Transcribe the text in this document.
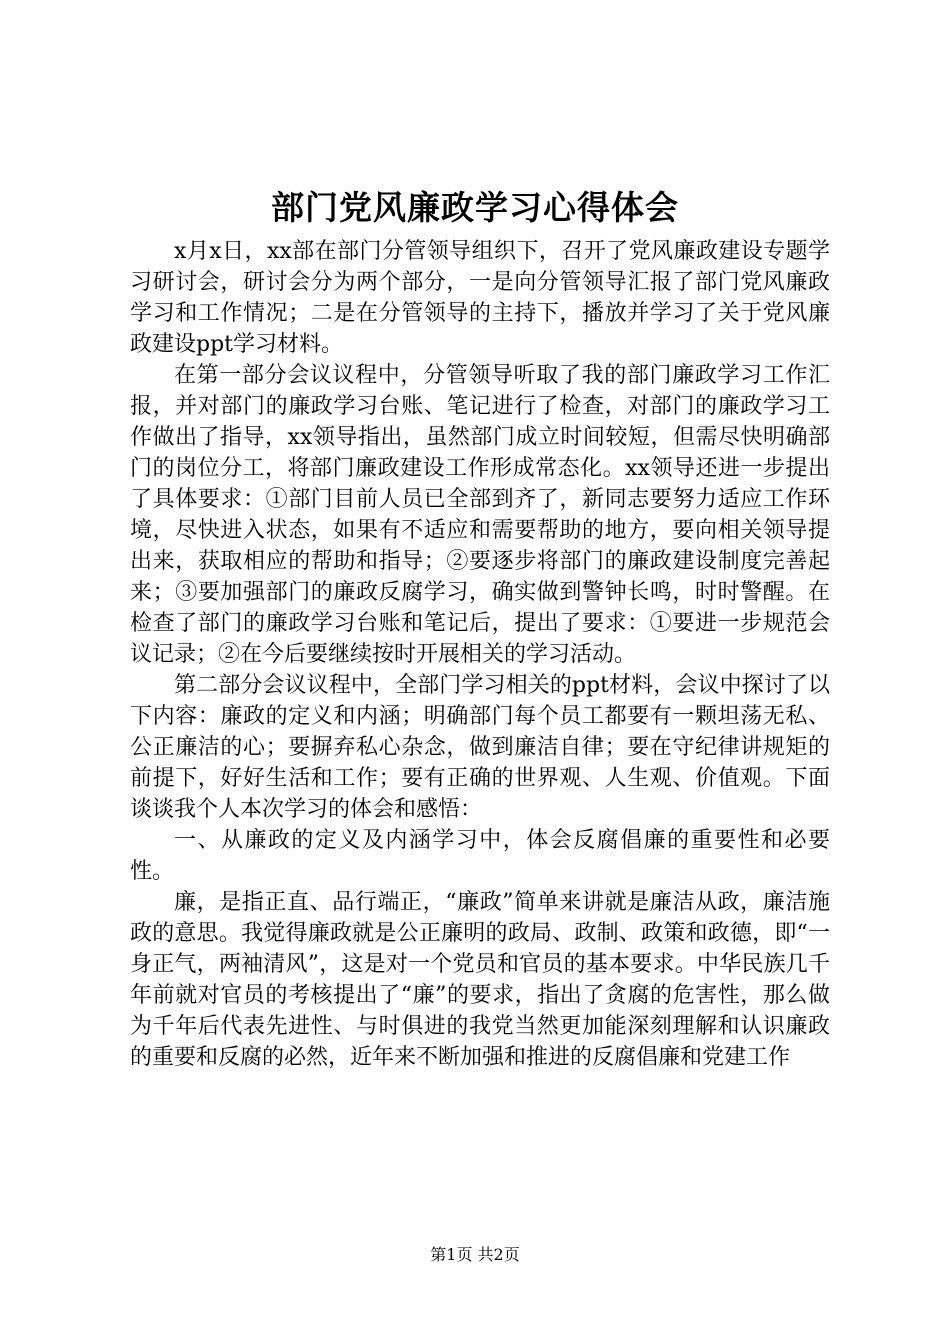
部门党风廉政学习心得体会

x月x日，xx部在部门分管领导组织下，召开了党风廉政建设专题学习研讨会，研讨会分为两个部分，一是向分管领导汇报了部门党风廉政学习和工作情况；二是在分管领导的主持下，播放并学习了关于党风廉政建设ppt学习材料。

在第一部分会议议程中，分管领导听取了我的部门廉政学习工作汇报，并对部门的廉政学习台账、笔记进行了检查，对部门的廉政学习工作做出了指导，xx领导指出，虽然部门成立时间较短，但需尽快明确部门的岗位分工，将部门廉政建设工作形成常态化。xx领导还进一步提出了具体要求：①部门目前人员已全部到齐了，新同志要努力适应工作环境，尽快进入状态，如果有不适应和需要帮助的地方，要向相关领导提出来，获取相应的帮助和指导；②要逐步将部门的廉政建设制度完善起来；③要加强部门的廉政反腐学习，确实做到警钟长鸣，时时警醒。在检查了部门的廉政学习台账和笔记后，提出了要求：①要进一步规范会议记录；②在今后要继续按时开展相关的学习活动。

第二部分会议议程中，全部门学习相关的ppt材料，会议中探讨了以下内容：廉政的定义和内涵；明确部门每个员工都要有一颗坦荡无私、公正廉洁的心；要摒弃私心杂念，做到廉洁自律；要在守纪律讲规矩的前提下，好好生活和工作；要有正确的世界观、人生观、价值观。下面谈谈我个人本次学习的体会和感悟：

一、从廉政的定义及内涵学习中，体会反腐倡廉的重要性和必要性。

廉，是指正直、品行端正，“廉政”简单来讲就是廉洁从政，廉洁施政的意思。我觉得廉政就是公正廉明的政局、政制、政策和政德，即“一身正气，两袖清风”，这是对一个党员和官员的基本要求。中华民族几千年前就对官员的考核提出了“廉”的要求，指出了贪腐的危害性，那么做为千年后代表先进性、与时俱进的我党当然更加能深刻理解和认识廉政的重要和反腐的必然，近年来不断加强和推进的反腐倡廉和党建工作

第1页 共2页
